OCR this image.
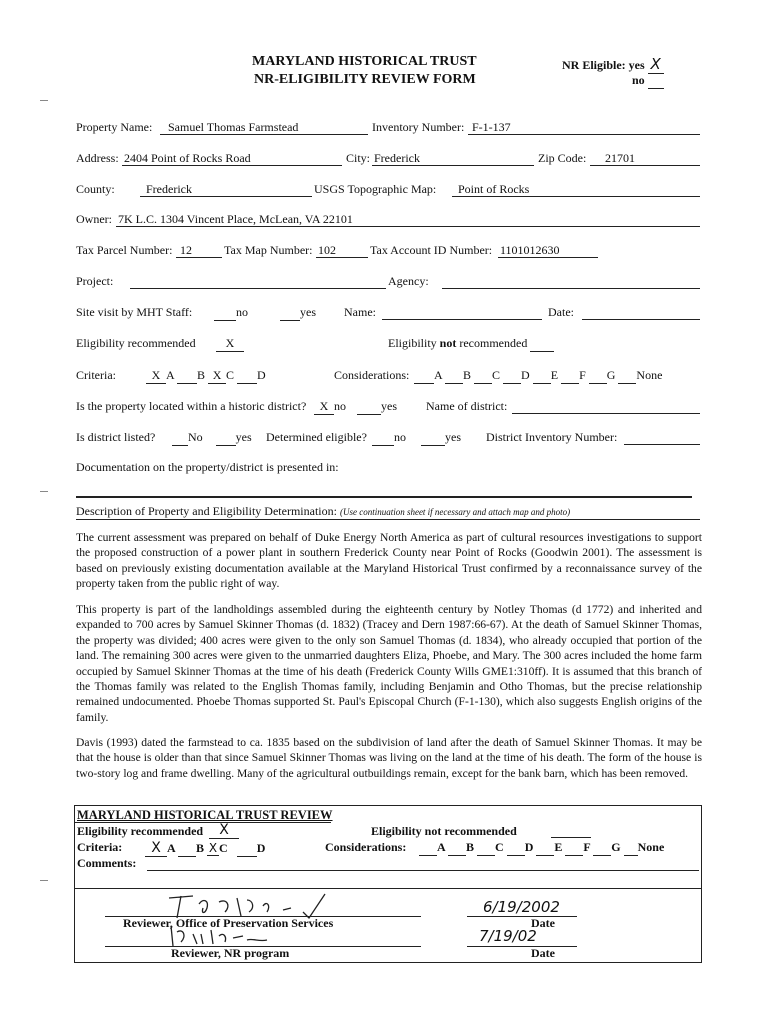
MARYLAND HISTORICAL TRUST
NR-ELIGIBILITY REVIEW FORM
NR Eligible: yes X
no
Property Name: Samuel Thomas Farmstead	Inventory Number: F-1-137
Address: 2404 Point of Rocks Road	City: Frederick	Zip Code: 21701
County:	Frederick	USGS Topographic Map: Point of Rocks
Owner: 7K L.C. 1304 Vincent Place, McLean, VA 22101
Tax Parcel Number: 12	Tax Map Number: 102	Tax Account ID Number: 1101012630
Project:	Agency:
Site visit by MHT Staff:	no	yes Name:	Date:
Eligibility recommended	X	Eligibility not recommended
Criteria:	X A B X C D	Considerations:	A B C D E F G None
Is the property located within a historic district?	X no	yes Name of district:
Is district listed?	No	yes Determined eligible?	no	yes District Inventory Number:
Documentation on the property/district is presented in:
Description of Property and Eligibility Determination: (Use continuation sheet if necessary and attach map and photo)
The current assessment was prepared on behalf of Duke Energy North America as part of cultural resources investigations to support the proposed construction of a power plant in southern Frederick County near Point of Rocks (Goodwin 2001). The assessment is based on previously existing documentation available at the Maryland Historical Trust confirmed by a reconnaissance survey of the property taken from the public right of way.
This property is part of the landholdings assembled during the eighteenth century by Notley Thomas (d 1772) and inherited and expanded to 700 acres by Samuel Skinner Thomas (d. 1832) (Tracey and Dern 1987:66-67). At the death of Samuel Skinner Thomas, the property was divided; 400 acres were given to the only son Samuel Thomas (d. 1834), who already occupied that portion of the land. The remaining 300 acres were given to the unmarried daughters Eliza, Phoebe, and Mary. The 300 acres included the home farm occupied by Samuel Skinner Thomas at the time of his death (Frederick County Wills GME1:310ff). It is assumed that this branch of the Thomas family was related to the English Thomas family, including Benjamin and Otho Thomas, but the precise relationship remained undocumented. Phoebe Thomas supported St. Paul's Episcopal Church (F-1-130), which also suggests English origins of the family.
Davis (1993) dated the farmstead to ca. 1835 based on the subdivision of land after the death of Samuel Skinner Thomas. It may be that the house is older than that since Samuel Skinner Thomas was living on the land at the time of his death. The form of the house is two-story log and frame dwelling. Many of the agricultural outbuildings remain, except for the bank barn, which has been removed.
MARYLAND HISTORICAL TRUST REVIEW
Eligibility recommended	X	Eligibility not recommended
Criteria:	X A B X C D	Considerations:	A B C D E F G None
Comments:
Reviewer, Office of Preservation Services
6/19/2002
Date
Reviewer, NR program
7/19/02
Date
